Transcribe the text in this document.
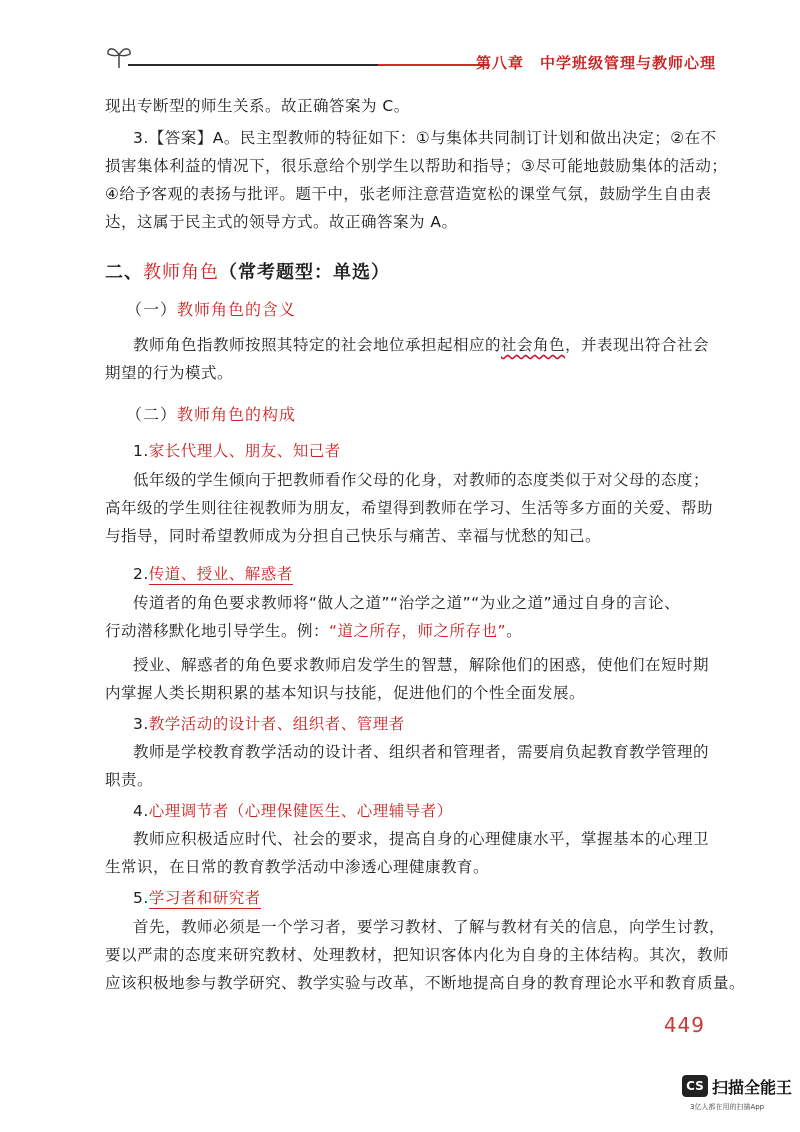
第八章　中学班级管理与教师心理

现出专断型的师生关系。故正确答案为 C。

3.【答案】A。民主型教师的特征如下：①与集体共同制订计划和做出决定；②在不

损害集体利益的情况下，很乐意给个别学生以帮助和指导；③尽可能地鼓励集体的活动；

④给予客观的表扬与批评。题干中，张老师注意营造宽松的课堂气氛，鼓励学生自由表

达，这属于民主式的领导方式。故正确答案为 A。

二、教师角色（常考题型：单选）
（一）教师角色的含义

教师角色指教师按照其特定的社会地位承担起相应的社会角色，并表现出符合社会

期望的行为模式。

（二）教师角色的构成

1.家长代理人、朋友、知己者

低年级的学生倾向于把教师看作父母的化身，对教师的态度类似于对父母的态度；

高年级的学生则往往视教师为朋友，希望得到教师在学习、生活等多方面的关爱、帮助

与指导，同时希望教师成为分担自己快乐与痛苦、幸福与忧愁的知己。

2.传道、授业、解惑者

传道者的角色要求教师将“做人之道”“治学之道”“为业之道”通过自身的言论、

行动潜移默化地引导学生。例：“道之所存，师之所存也”。

授业、解惑者的角色要求教师启发学生的智慧，解除他们的困惑，使他们在短时期

内掌握人类长期积累的基本知识与技能，促进他们的个性全面发展。

3.教学活动的设计者、组织者、管理者

教师是学校教育教学活动的设计者、组织者和管理者，需要肩负起教育教学管理的

职责。

4.心理调节者（心理保健医生、心理辅导者）

教师应积极适应时代、社会的要求，提高自身的心理健康水平，掌握基本的心理卫

生常识，在日常的教育教学活动中渗透心理健康教育。

5.学习者和研究者

首先，教师必须是一个学习者，要学习教材、了解与教材有关的信息，向学生讨教，

要以严肃的态度来研究教材、处理教材，把知识客体内化为自身的主体结构。其次，教师

应该积极地参与教学研究、教学实验与改革，不断地提高自身的教育理论水平和教育质量。

449
CS 扫描全能王
3亿人都在用的扫描App
